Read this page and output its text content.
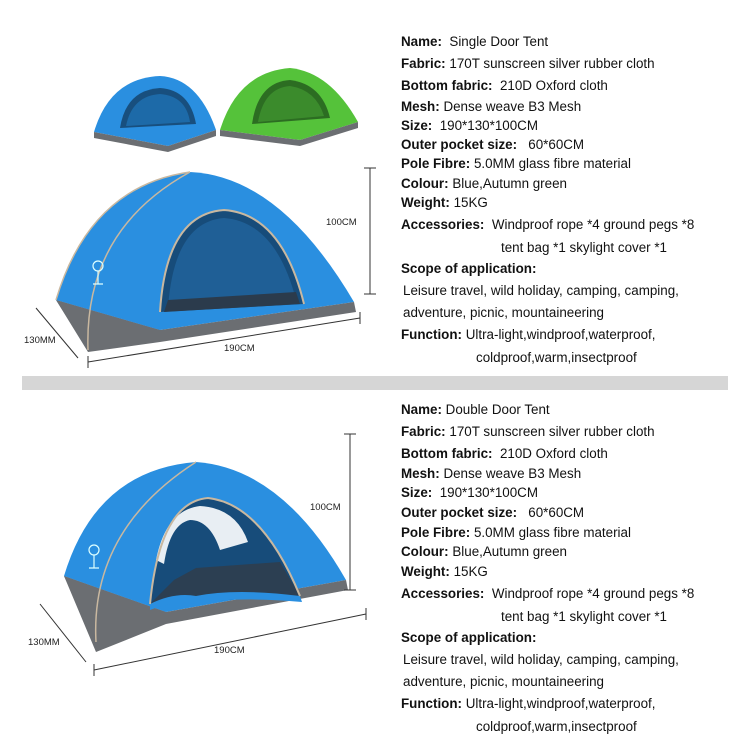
100CM
130MM
190CM
Name: Single Door Tent
Fabric: 170T sunscreen silver rubber cloth
Bottom fabric: 210D Oxford cloth
Mesh: Dense weave B3 Mesh
Size: 190*130*100CM
Outer pocket size: 60*60CM
Pole Fibre: 5.0MM glass fibre material
Colour: Blue,Autumn green
Weight: 15KG
Accessories: Windproof rope *4 ground pegs *8
tent bag *1 skylight cover *1
Scope of application:
Leisure travel, wild holiday, camping, camping,
adventure, picnic, mountaineering
Function: Ultra-light,windproof,waterproof,
coldproof,warm,insectproof
100CM
130MM
190CM
Name: Double Door Tent
Fabric: 170T sunscreen silver rubber cloth
Bottom fabric: 210D Oxford cloth
Mesh: Dense weave B3 Mesh
Size: 190*130*100CM
Outer pocket size: 60*60CM
Pole Fibre: 5.0MM glass fibre material
Colour: Blue,Autumn green
Weight: 15KG
Accessories: Windproof rope *4 ground pegs *8
tent bag *1 skylight cover *1
Scope of application:
Leisure travel, wild holiday, camping, camping,
adventure, picnic, mountaineering
Function: Ultra-light,windproof,waterproof,
coldproof,warm,insectproof
